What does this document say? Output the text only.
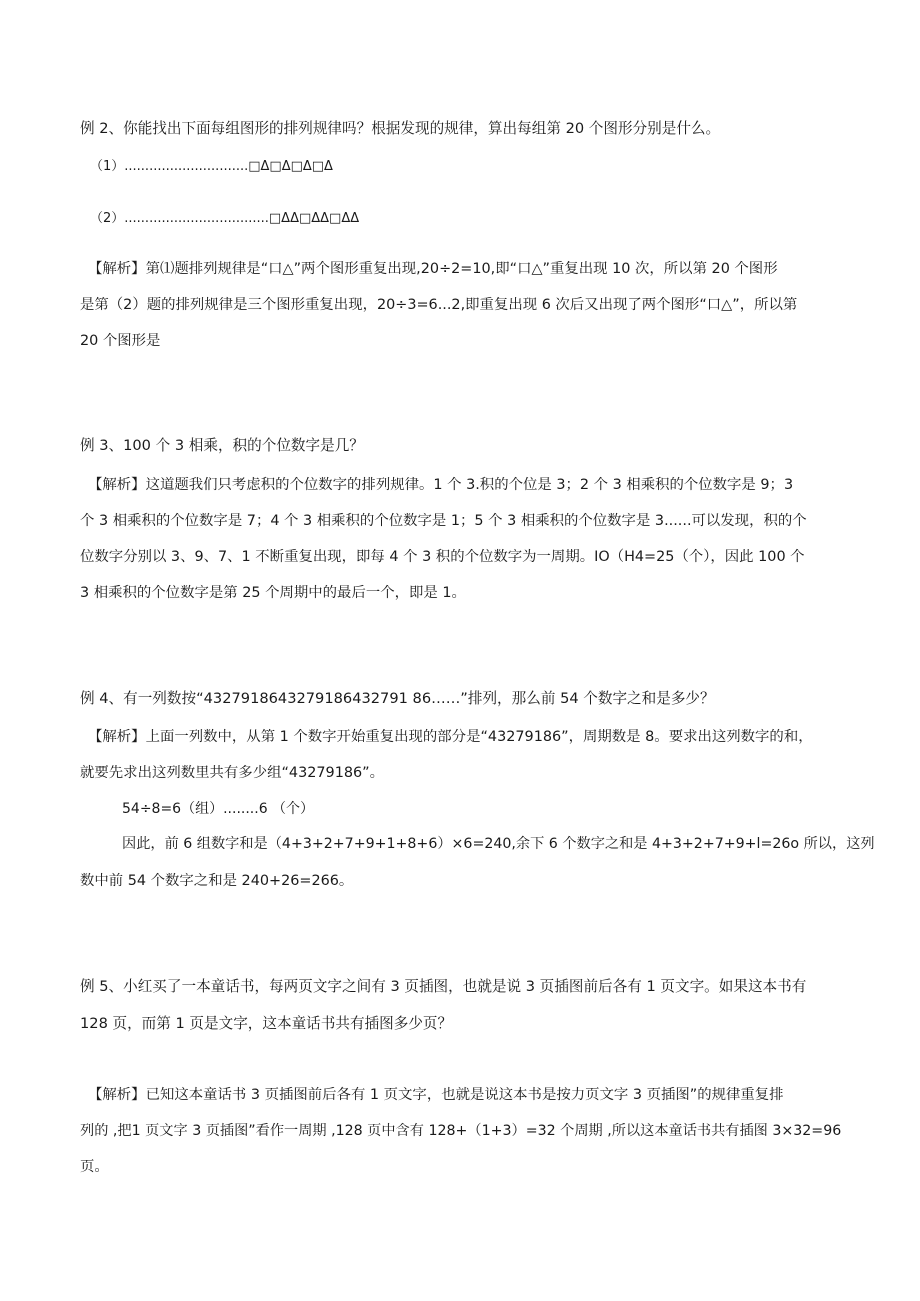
例 2、你能找出下面每组图形的排列规律吗？根据发现的规律，算出每组第 20 个图形分别是什么。
（1）..............................□Δ□Δ□Δ□Δ
（2）...................................□ΔΔ□ΔΔ□ΔΔ
【解析】第⑴题排列规律是“口△”两个图形重复出现,20÷2=10,即“口△”重复出现 10 次，所以第 20 个图形
是第（2）题的排列规律是三个图形重复出现，20÷3=6...2,即重复出现 6 次后又出现了两个图形“口△”，所以第
20 个图形是
例 3、100 个 3 相乘，积的个位数字是几？
【解析】这道题我们只考虑积的个位数字的排列规律。1 个 3.积的个位是 3；2 个 3 相乘积的个位数字是 9；3
个 3 相乘积的个位数字是 7；4 个 3 相乘积的个位数字是 1；5 个 3 相乘积的个位数字是 3......可以发现，积的个
位数字分别以 3、9、7、1 不断重复出现，即每 4 个 3 积的个位数字为一周期。IO（H4=25（个），因此 100 个
3 相乘积的个位数字是第 25 个周期中的最后一个，即是 1。
例 4、有一列数按“4327918643279186432791 86……”排列，那么前 54 个数字之和是多少？
【解析】上面一列数中，从第 1 个数字开始重复出现的部分是“43279186”，周期数是 8。要求出这列数字的和，
就要先求出这列数里共有多少组“43279186”。
54÷8=6（组）........6 （个）
因此，前 6 组数字和是（4+3+2+7+9+1+8+6）×6=240,余下 6 个数字之和是 4+3+2+7+9+l=26o 所以，这列
数中前 54 个数字之和是 240+26=266。
例 5、小红买了一本童话书，每两页文字之间有 3 页插图，也就是说 3 页插图前后各有 1 页文字。如果这本书有
128 页，而第 1 页是文字，这本童话书共有插图多少页？
【解析】已知这本童话书 3 页插图前后各有 1 页文字，也就是说这本书是按力页文字 3 页插图”的规律重复排
列的 ,把1 页文字 3 页插图”看作一周期 ,128 页中含有 128+（1+3）=32 个周期 ,所以这本童话书共有插图 3×32=96
页。
